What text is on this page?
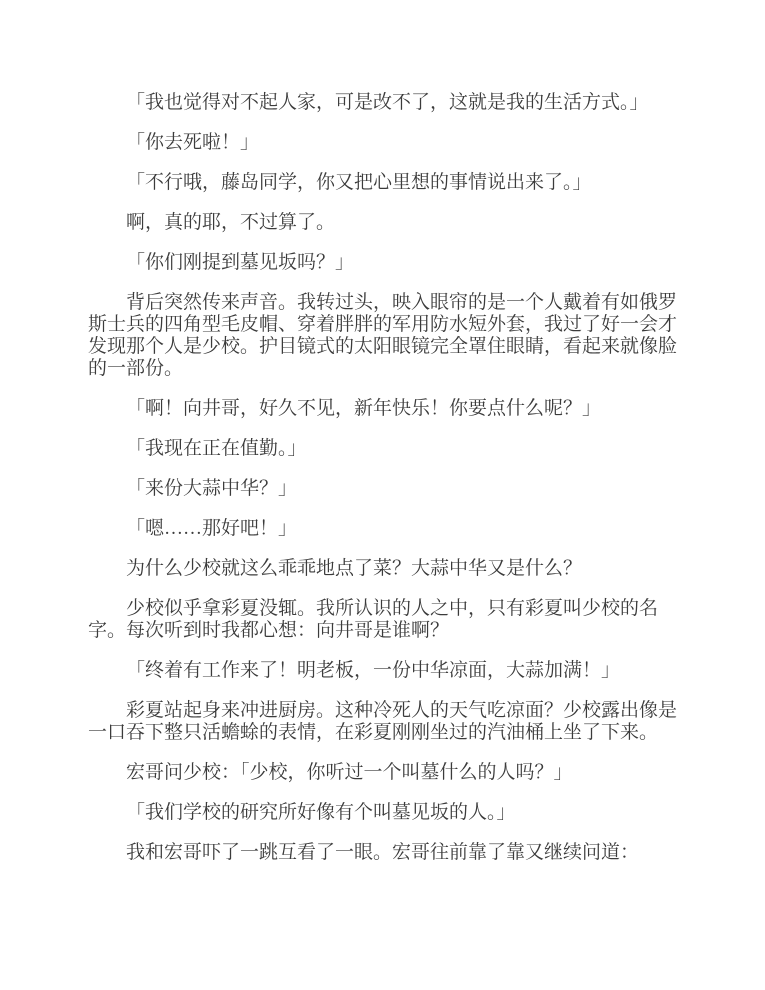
「我也觉得对不起人家，可是改不了，这就是我的生活方式。」

「你去死啦！」

「不行哦，藤岛同学，你又把心里想的事情说出来了。」

啊，真的耶，不过算了。

「你们刚提到墓见坂吗？」

背后突然传来声音。我转过头，映入眼帘的是一个人戴着有如俄罗斯士兵的四角型毛皮帽、穿着胖胖的军用防水短外套，我过了好一会才发现那个人是少校。护目镜式的太阳眼镜完全罩住眼睛，看起来就像脸的一部份。

「啊！向井哥，好久不见，新年快乐！你要点什么呢？」

「我现在正在值勤。」

「来份大蒜中华？」

「嗯……那好吧！」

为什么少校就这么乖乖地点了菜？大蒜中华又是什么？

少校似乎拿彩夏没辄。我所认识的人之中，只有彩夏叫少校的名字。每次听到时我都心想：向井哥是谁啊？

「终着有工作来了！明老板，一份中华凉面，大蒜加满！」

彩夏站起身来冲进厨房。这种冷死人的天气吃凉面？少校露出像是一口吞下整只活蟾蜍的表情，在彩夏刚刚坐过的汽油桶上坐了下来。

宏哥问少校：「少校，你听过一个叫墓什么的人吗？」

「我们学校的研究所好像有个叫墓见坂的人。」

我和宏哥吓了一跳互看了一眼。宏哥往前靠了靠又继续问道：
